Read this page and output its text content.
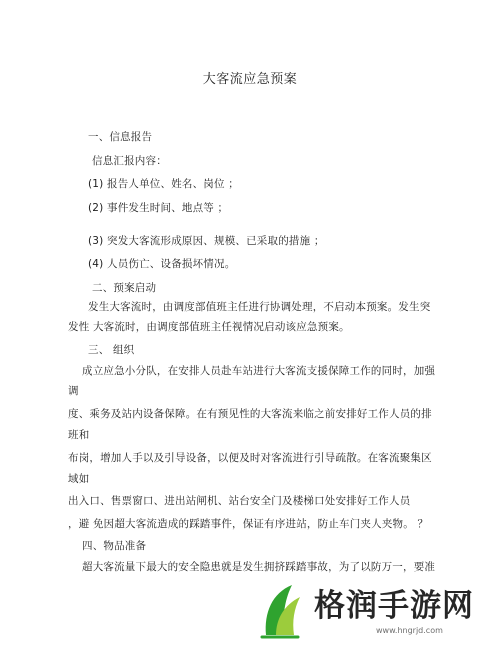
大客流应急预案
一、信息报告
信息汇报内容：
(1) 报告人单位、姓名、岗位 ；
(2) 事件发生时间、地点等 ；
(3) 突发大客流形成原因、规模、已采取的措施 ；
(4) 人员伤亡、设备损坏情况。
二、预案启动
发生大客流时，由调度部值班主任进行协调处理，不启动本预案。发生突
发性 大客流时，由调度部值班主任视情况启动该应急预案。
三、 组织
成立应急小分队，在安排人员赴车站进行大客流支援保障工作的同时，加强
调
度、乘务及站内设备保障。在有预见性的大客流来临之前安排好工作人员的排
班和
布岗，增加人手以及引导设备，以便及时对客流进行引导疏散。在客流聚集区
域如
出入口、售票窗口、进出站闸机、站台安全门及楼梯口处安排好工作人员
，避 免因超大客流造成的踩踏事件，保证有序进站，防止车门夹人夹物。 ？
四、物品准备
超大客流量下最大的安全隐患就是发生拥挤踩踏事故，为了以防万一，要准
格润手游网
www.hngrjd.com
